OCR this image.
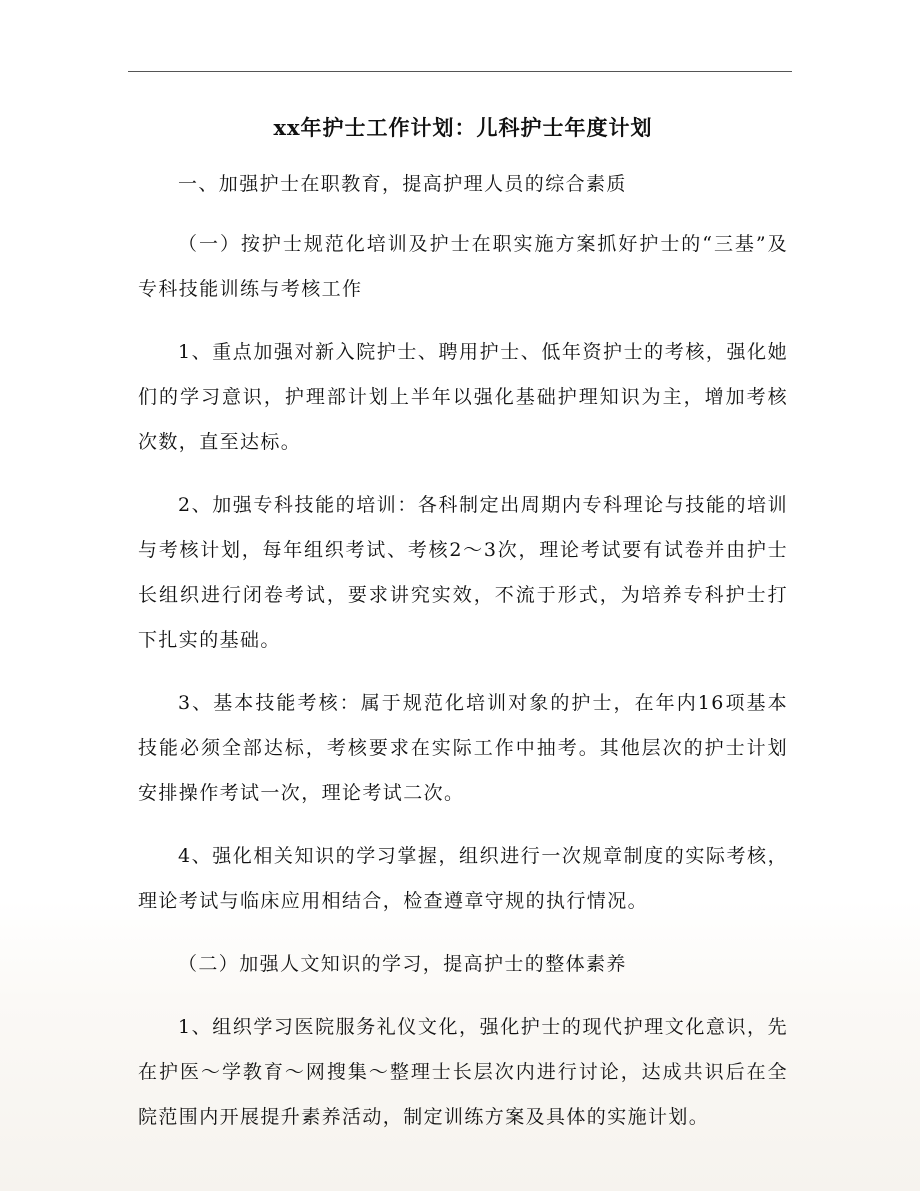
xx年护士工作计划：儿科护士年度计划

一、加强护士在职教育，提高护理人员的综合素质

（一）按护士规范化培训及护士在职实施方案抓好护士的“三基”及专科技能训练与考核工作

1、重点加强对新入院护士、聘用护士、低年资护士的考核，强化她们的学习意识，护理部计划上半年以强化基础护理知识为主，增加考核次数，直至达标。

2、加强专科技能的培训：各科制定出周期内专科理论与技能的培训与考核计划，每年组织考试、考核2～3次，理论考试要有试卷并由护士长组织进行闭卷考试，要求讲究实效，不流于形式，为培养专科护士打下扎实的基础。

3、基本技能考核：属于规范化培训对象的护士，在年内16项基本技能必须全部达标，考核要求在实际工作中抽考。其他层次的护士计划安排操作考试一次，理论考试二次。

4、强化相关知识的学习掌握，组织进行一次规章制度的实际考核，理论考试与临床应用相结合，检查遵章守规的执行情况。

（二）加强人文知识的学习，提高护士的整体素养

1、组织学习医院服务礼仪文化，强化护士的现代护理文化意识，先在护医～学教育～网搜集～整理士长层次内进行讨论，达成共识后在全院范围内开展提升素养活动，制定训练方案及具体的实施计划。
